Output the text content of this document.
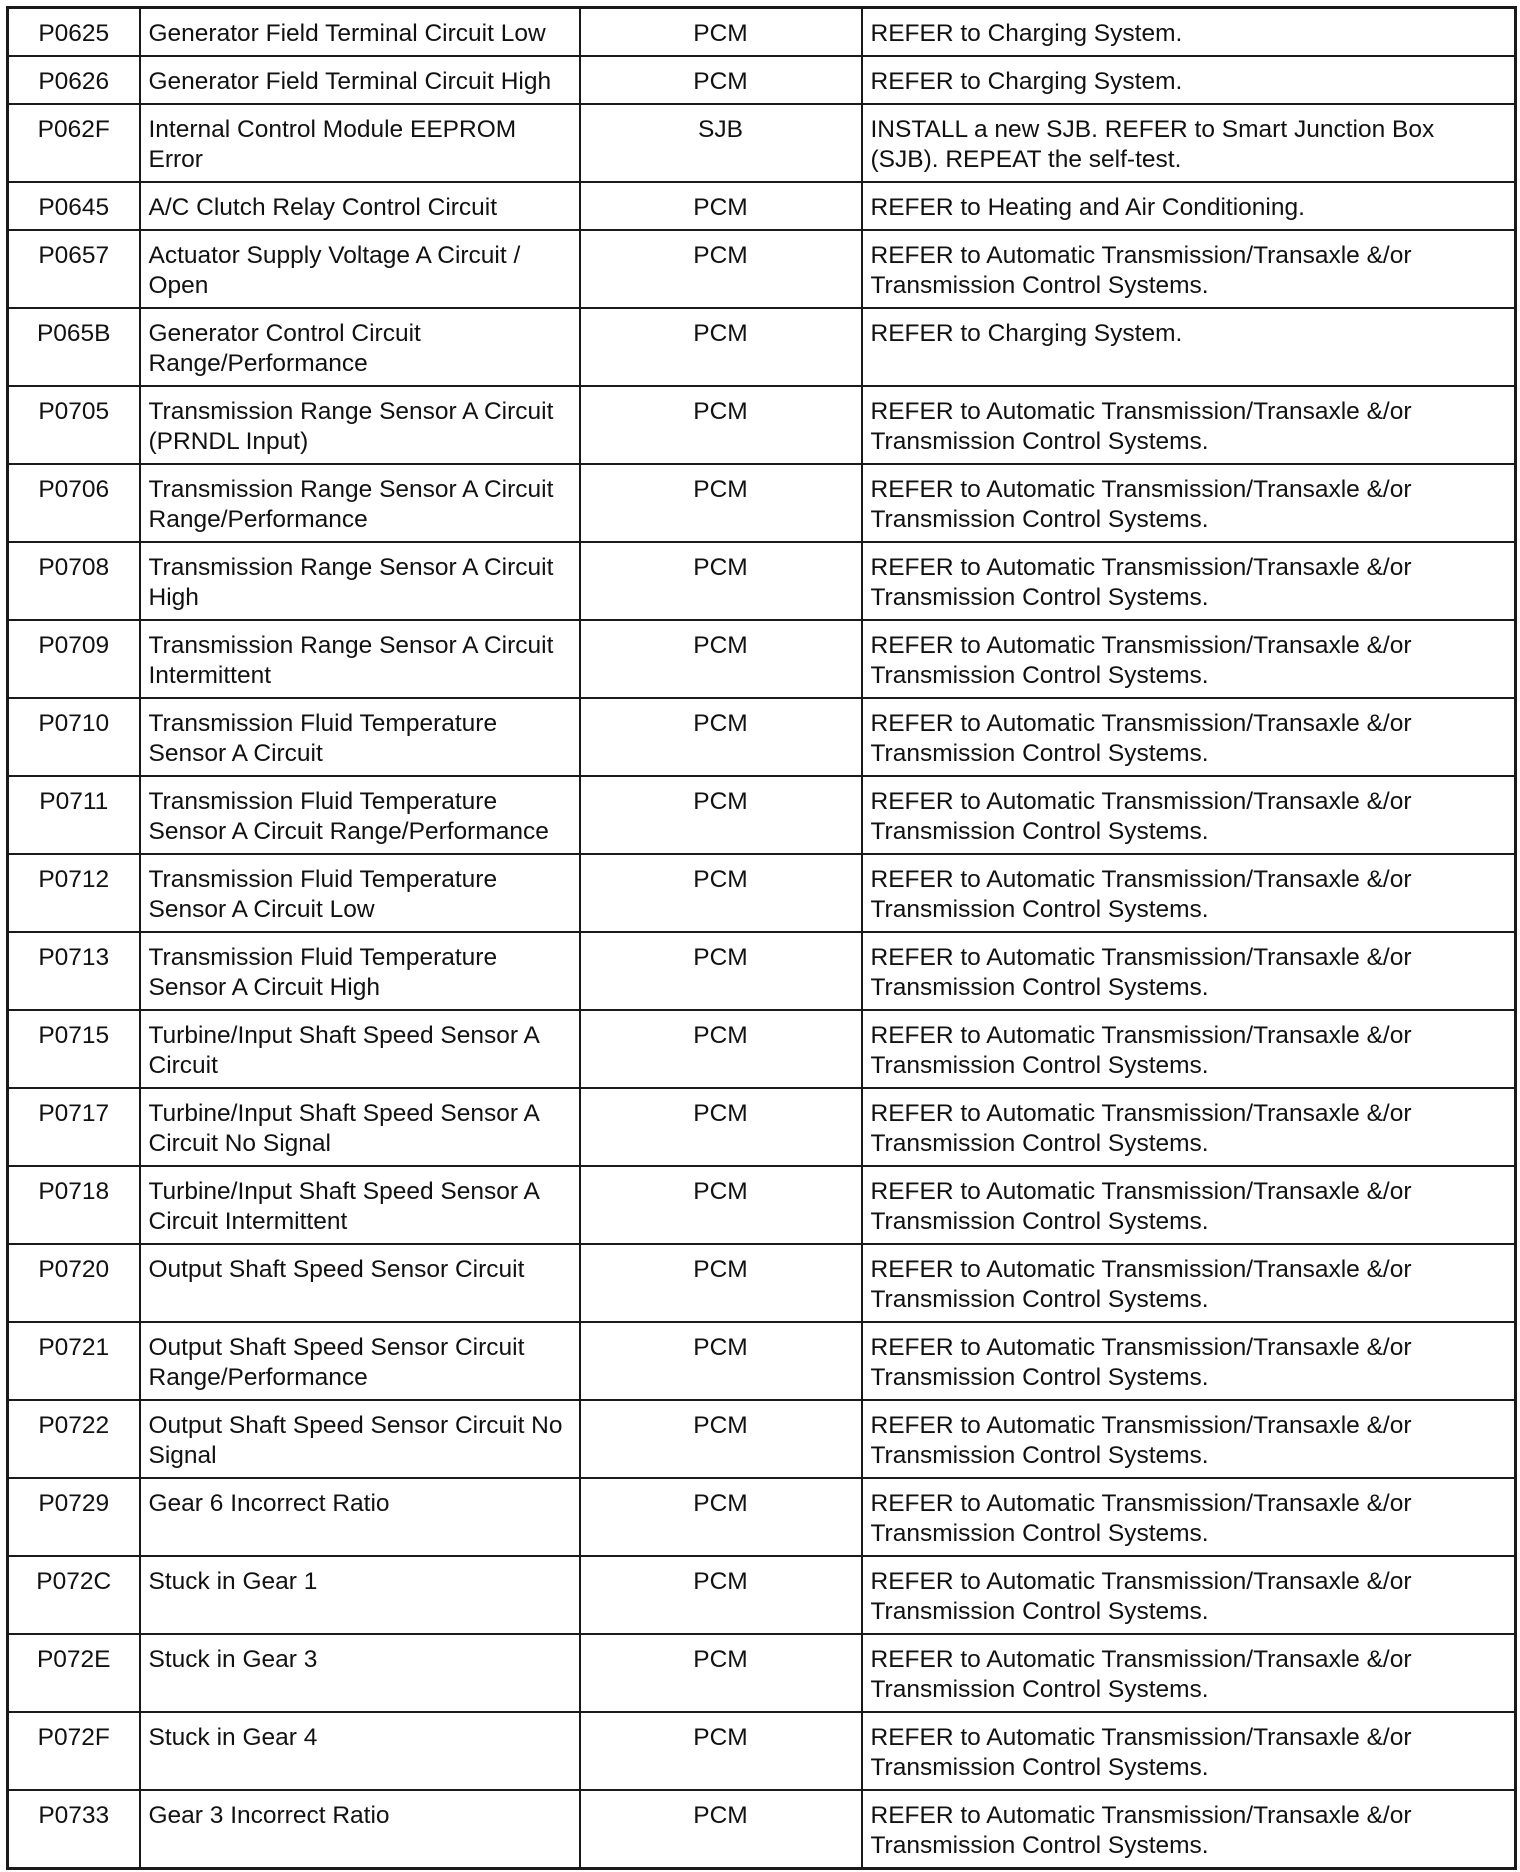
P0625	Generator Field Terminal Circuit Low	PCM	REFER to Charging System.
P0626	Generator Field Terminal Circuit High	PCM	REFER to Charging System.
P062F	Internal Control Module EEPROM Error	SJB	INSTALL a new SJB. REFER to Smart Junction Box (SJB). REPEAT the self-test.
P0645	A/C Clutch Relay Control Circuit	PCM	REFER to Heating and Air Conditioning.
P0657	Actuator Supply Voltage A Circuit / Open	PCM	REFER to Automatic Transmission/Transaxle &/or Transmission Control Systems.
P065B	Generator Control Circuit Range/Performance	PCM	REFER to Charging System.
P0705	Transmission Range Sensor A Circuit (PRNDL Input)	PCM	REFER to Automatic Transmission/Transaxle &/or Transmission Control Systems.
P0706	Transmission Range Sensor A Circuit Range/Performance	PCM	REFER to Automatic Transmission/Transaxle &/or Transmission Control Systems.
P0708	Transmission Range Sensor A Circuit High	PCM	REFER to Automatic Transmission/Transaxle &/or Transmission Control Systems.
P0709	Transmission Range Sensor A Circuit Intermittent	PCM	REFER to Automatic Transmission/Transaxle &/or Transmission Control Systems.
P0710	Transmission Fluid Temperature Sensor A Circuit	PCM	REFER to Automatic Transmission/Transaxle &/or Transmission Control Systems.
P0711	Transmission Fluid Temperature Sensor A Circuit Range/Performance	PCM	REFER to Automatic Transmission/Transaxle &/or Transmission Control Systems.
P0712	Transmission Fluid Temperature Sensor A Circuit Low	PCM	REFER to Automatic Transmission/Transaxle &/or Transmission Control Systems.
P0713	Transmission Fluid Temperature Sensor A Circuit High	PCM	REFER to Automatic Transmission/Transaxle &/or Transmission Control Systems.
P0715	Turbine/Input Shaft Speed Sensor A Circuit	PCM	REFER to Automatic Transmission/Transaxle &/or Transmission Control Systems.
P0717	Turbine/Input Shaft Speed Sensor A Circuit No Signal	PCM	REFER to Automatic Transmission/Transaxle &/or Transmission Control Systems.
P0718	Turbine/Input Shaft Speed Sensor A Circuit Intermittent	PCM	REFER to Automatic Transmission/Transaxle &/or Transmission Control Systems.
P0720	Output Shaft Speed Sensor Circuit	PCM	REFER to Automatic Transmission/Transaxle &/or Transmission Control Systems.
P0721	Output Shaft Speed Sensor Circuit Range/Performance	PCM	REFER to Automatic Transmission/Transaxle &/or Transmission Control Systems.
P0722	Output Shaft Speed Sensor Circuit No Signal	PCM	REFER to Automatic Transmission/Transaxle &/or Transmission Control Systems.
P0729	Gear 6 Incorrect Ratio	PCM	REFER to Automatic Transmission/Transaxle &/or Transmission Control Systems.
P072C	Stuck in Gear 1	PCM	REFER to Automatic Transmission/Transaxle &/or Transmission Control Systems.
P072E	Stuck in Gear 3	PCM	REFER to Automatic Transmission/Transaxle &/or Transmission Control Systems.
P072F	Stuck in Gear 4	PCM	REFER to Automatic Transmission/Transaxle &/or Transmission Control Systems.
P0733	Gear 3 Incorrect Ratio	PCM	REFER to Automatic Transmission/Transaxle &/or Transmission Control Systems.
